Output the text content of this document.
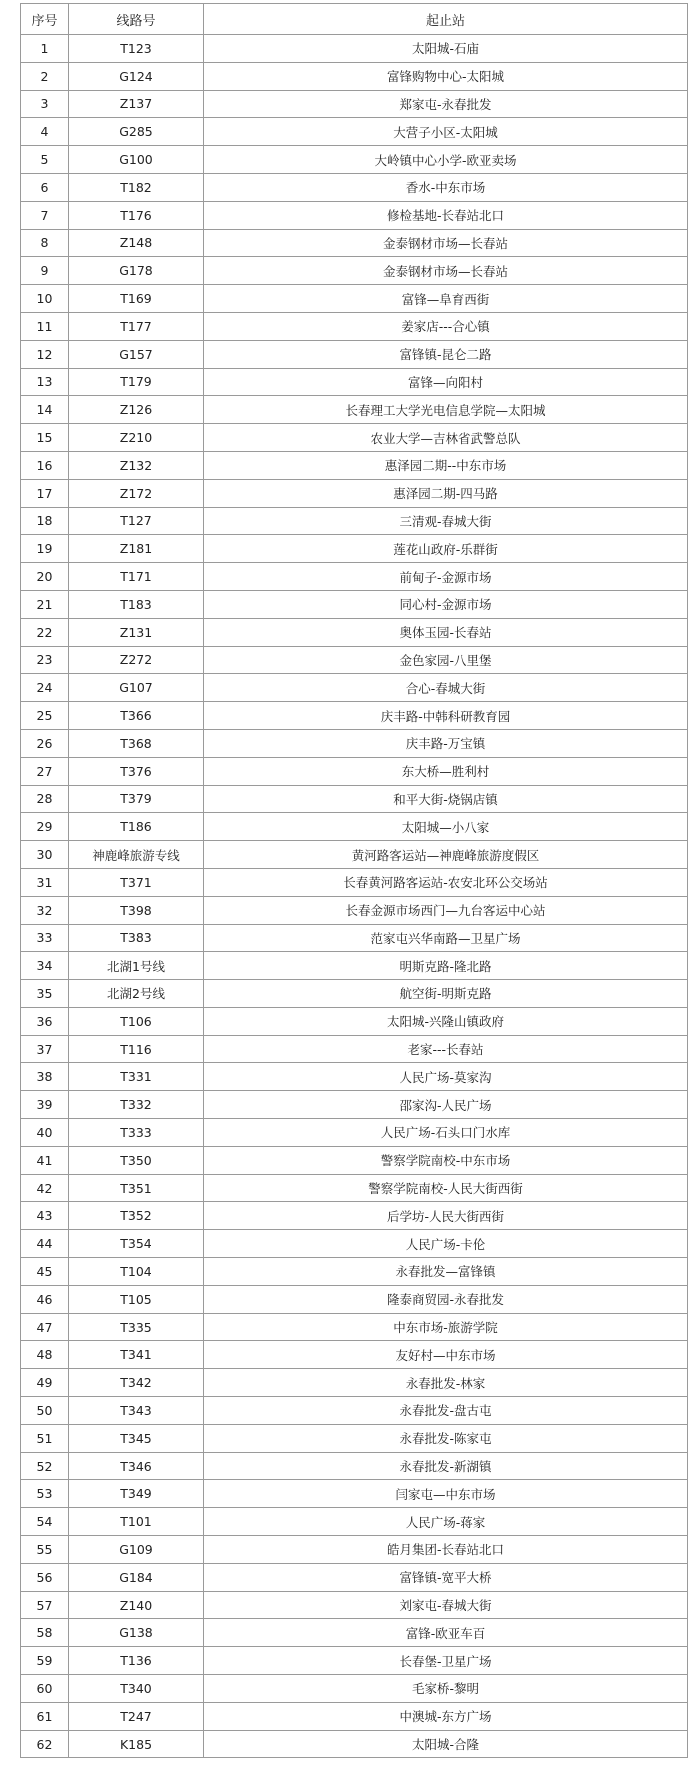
序号	线路号	起止站
1	T123	太阳城-石庙
2	G124	富锋购物中心-太阳城
3	Z137	郑家屯-永春批发
4	G285	大营子小区-太阳城
5	G100	大岭镇中心小学-欧亚卖场
6	T182	香水-中东市场
7	T176	修检基地-长春站北口
8	Z148	金泰钢材市场—长春站
9	G178	金泰钢材市场—长春站
10	T169	富锋—阜育西街
11	T177	姜家店---合心镇
12	G157	富锋镇-昆仑二路
13	T179	富锋—向阳村
14	Z126	长春理工大学光电信息学院—太阳城
15	Z210	农业大学—吉林省武警总队
16	Z132	惠泽园二期--中东市场
17	Z172	惠泽园二期-四马路
18	T127	三清观-春城大街
19	Z181	莲花山政府-乐群街
20	T171	前甸子-金源市场
21	T183	同心村-金源市场
22	Z131	奥体玉园-长春站
23	Z272	金色家园-八里堡
24	G107	合心-春城大街
25	T366	庆丰路-中韩科研教育园
26	T368	庆丰路-万宝镇
27	T376	东大桥—胜利村
28	T379	和平大街-烧锅店镇
29	T186	太阳城—小八家
30	神鹿峰旅游专线	黄河路客运站—神鹿峰旅游度假区
31	T371	长春黄河路客运站-农安北环公交场站
32	T398	长春金源市场西门—九台客运中心站
33	T383	范家屯兴华南路—卫星广场
34	北湖1号线	明斯克路-隆北路
35	北湖2号线	航空街-明斯克路
36	T106	太阳城-兴隆山镇政府
37	T116	老家---长春站
38	T331	人民广场-莫家沟
39	T332	邵家沟-人民广场
40	T333	人民广场-石头口门水库
41	T350	警察学院南校-中东市场
42	T351	警察学院南校-人民大街西街
43	T352	后学坊-人民大街西街
44	T354	人民广场-卡伦
45	T104	永春批发—富锋镇
46	T105	隆泰商贸园-永春批发
47	T335	中东市场-旅游学院
48	T341	友好村—中东市场
49	T342	永春批发-林家
50	T343	永春批发-盘古屯
51	T345	永春批发-陈家屯
52	T346	永春批发-新湖镇
53	T349	闫家屯—中东市场
54	T101	人民广场-蒋家
55	G109	皓月集团-长春站北口
56	G184	富锋镇-宽平大桥
57	Z140	刘家屯-春城大街
58	G138	富锋-欧亚车百
59	T136	长春堡-卫星广场
60	T340	毛家桥-黎明
61	T247	中澳城-东方广场
62	K185	太阳城-合隆
